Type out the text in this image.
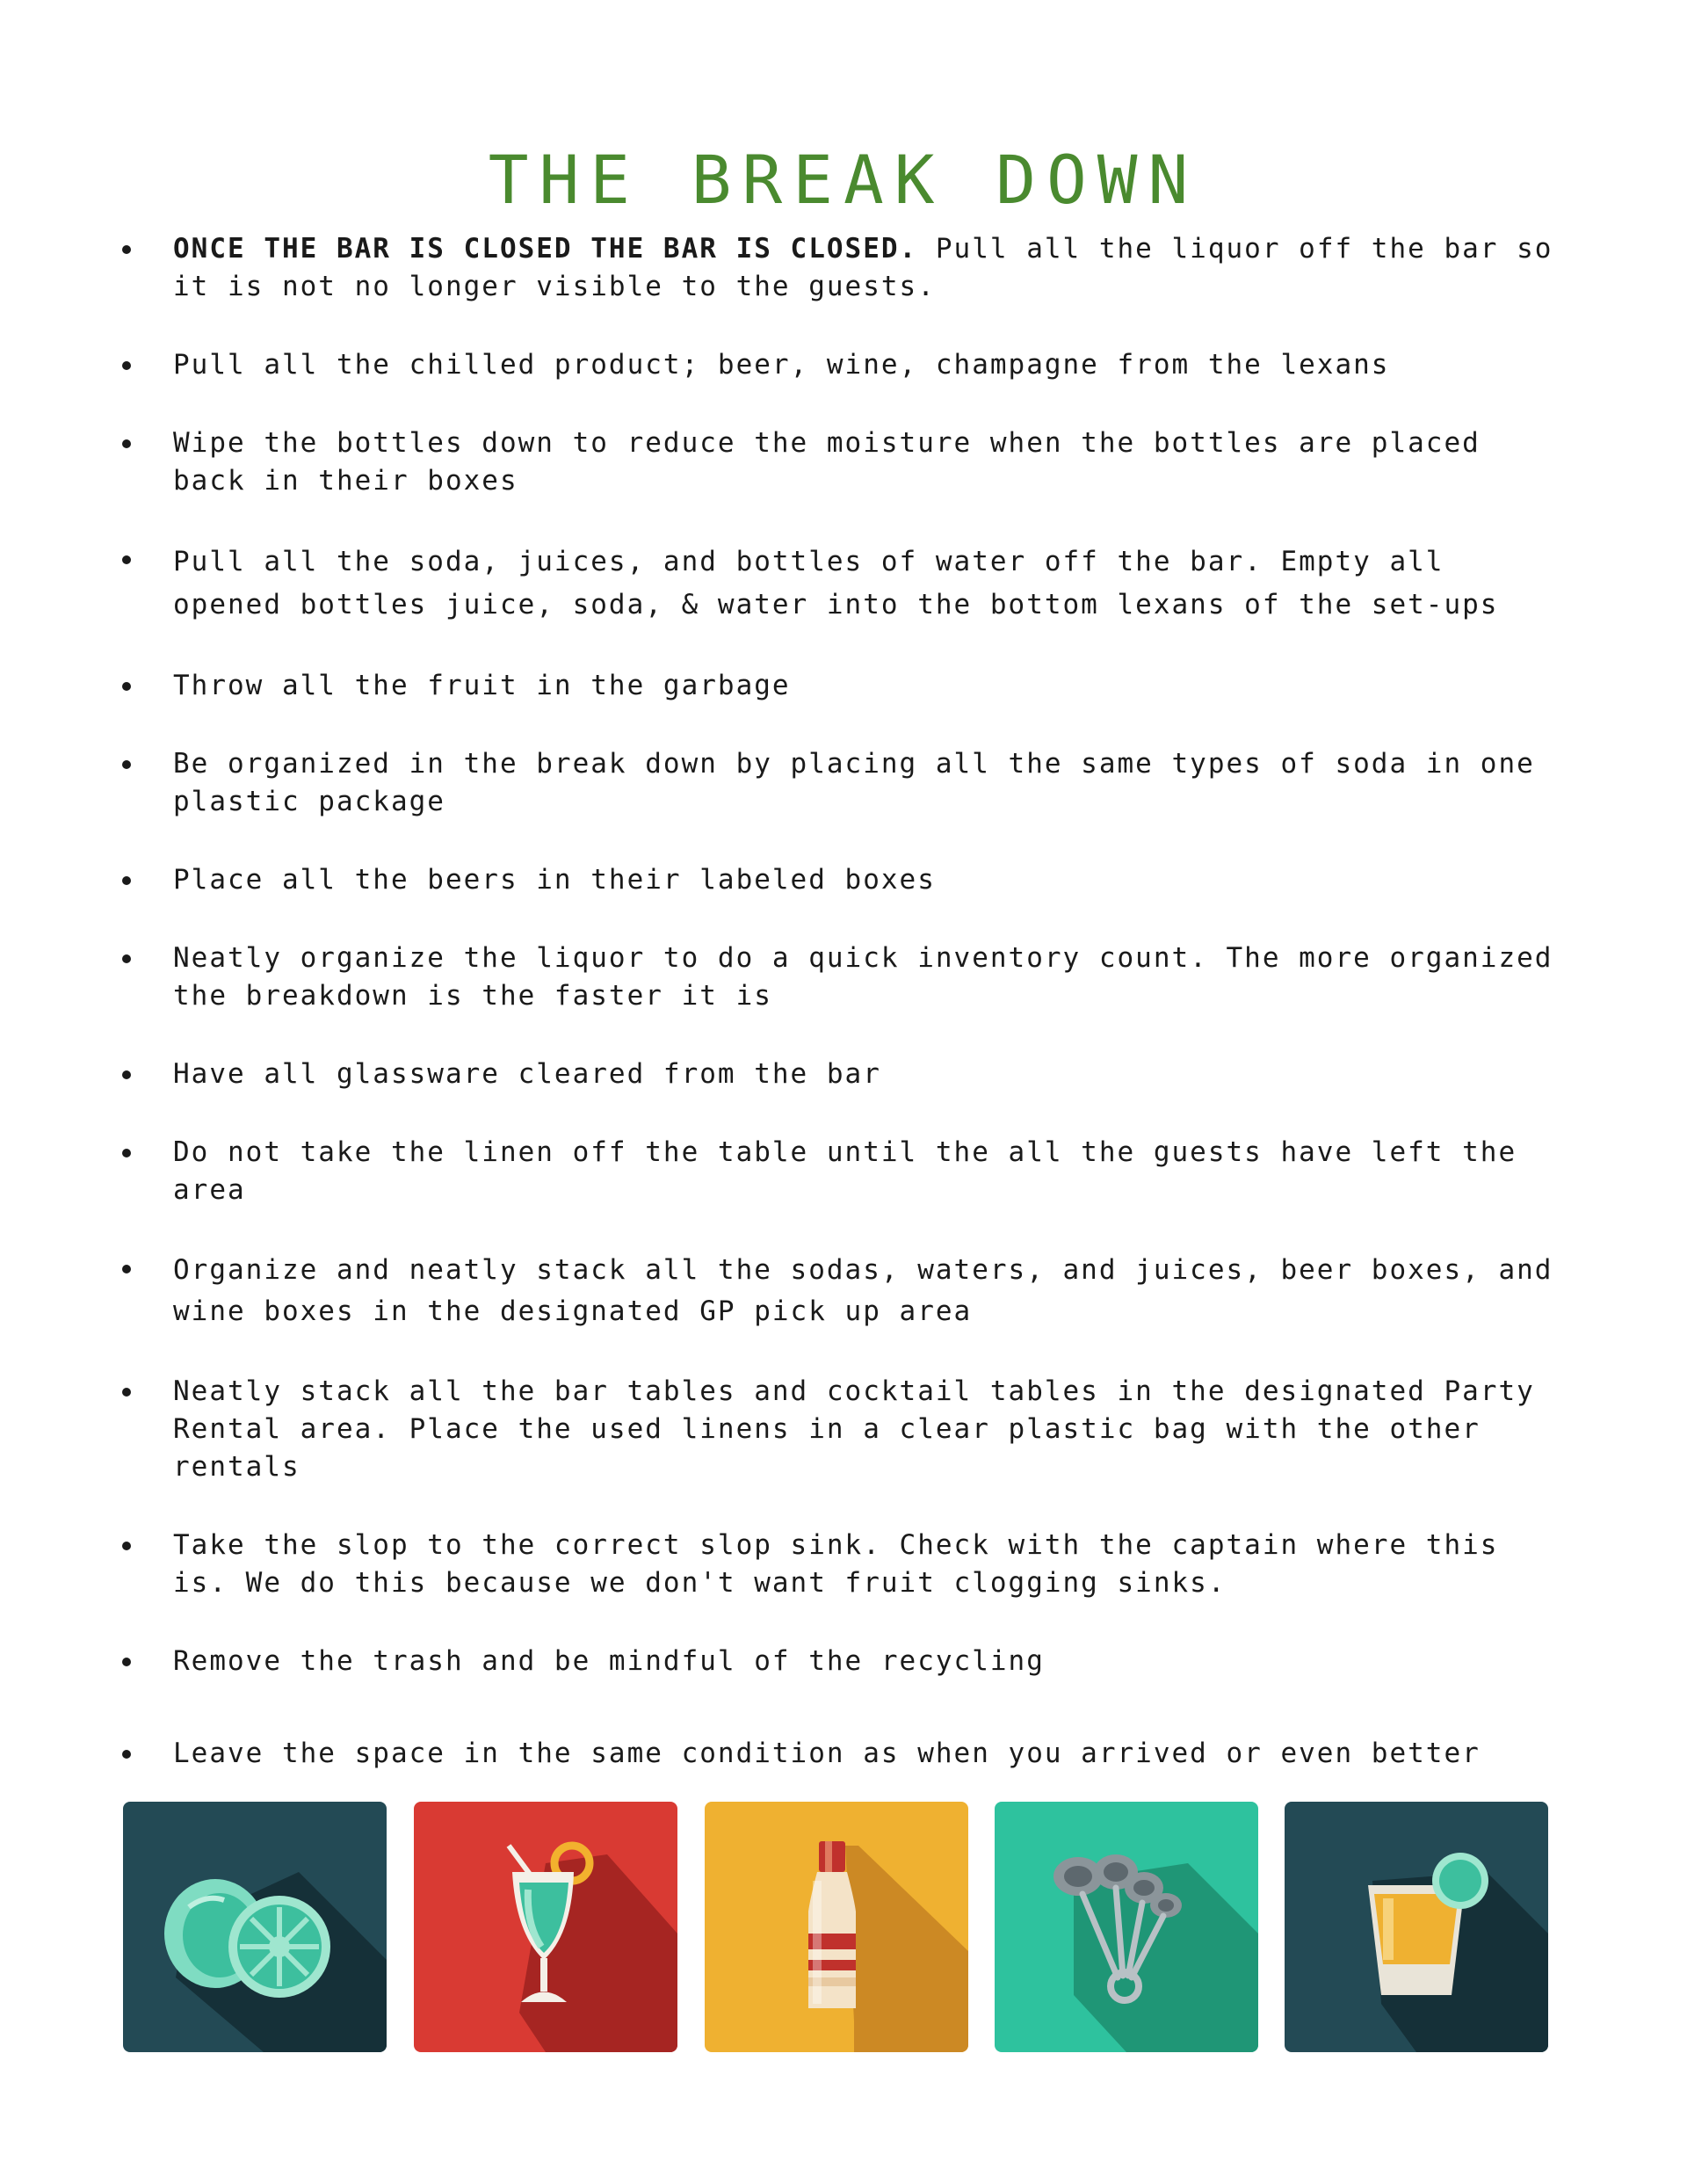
THE BREAK DOWN
ONCE THE BAR IS CLOSED THE BAR IS CLOSED. Pull all the liquor off the bar so it is not no longer visible to the guests.
Pull all the chilled product; beer, wine, champagne from the lexans
Wipe the bottles down to reduce the moisture when the bottles are placed back in their boxes
Pull all the soda, juices, and bottles of water off the bar. Empty all opened bottles juice, soda, & water into the bottom lexans of the set-ups
Throw all the fruit in the garbage
Be organized in the break down by placing all the same types of soda in one plastic package
Place all the beers in their labeled boxes
Neatly organize the liquor to do a quick inventory count. The more organized the breakdown is the faster it is
Have all glassware cleared from the bar
Do not take the linen off the table until the all the guests have left the area
Organize and neatly stack all the sodas, waters, and juices, beer boxes, and wine boxes in the designated GP pick up area
Neatly stack all the bar tables and cocktail tables in the designated Party Rental area. Place the used linens in a clear plastic bag with the other rentals
Take the slop to the correct slop sink. Check with the captain where this is. We do this because we don't want fruit clogging sinks.
Remove the trash and be mindful of the recycling
Leave the space in the same condition as when you arrived or even better
